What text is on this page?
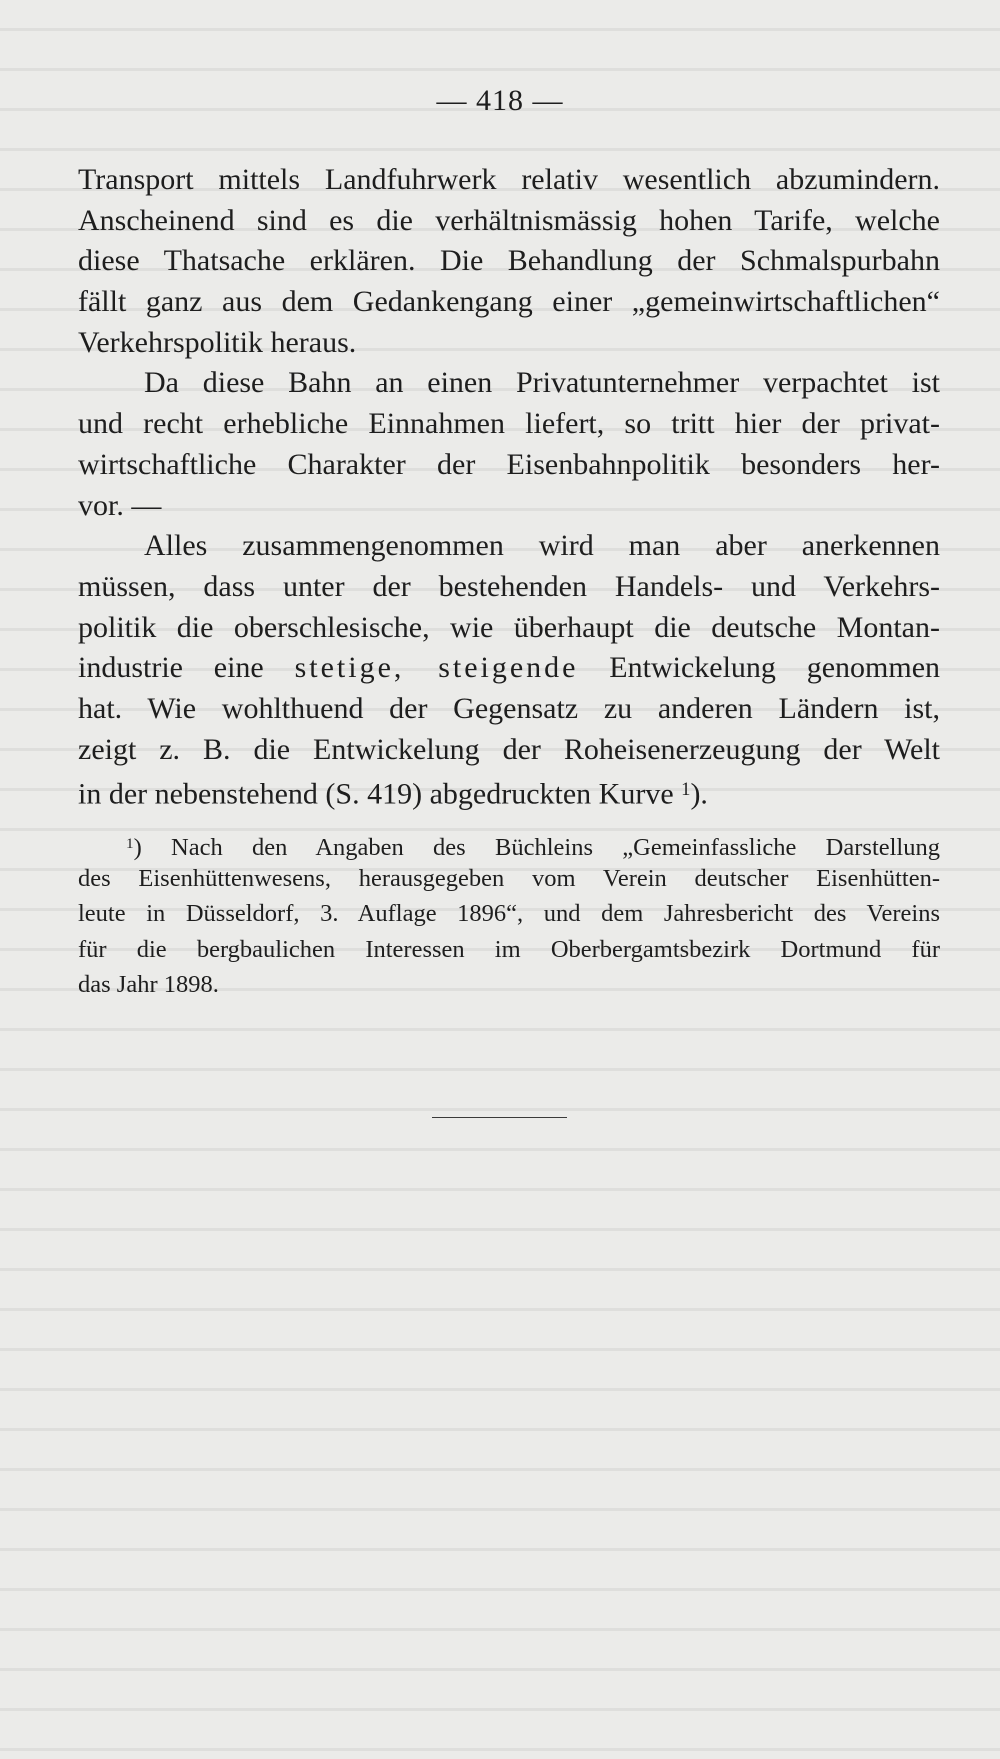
— 418 —
Transport mittels Landfuhrwerk relativ wesentlich abzumindern.
Anscheinend sind es die verhältnismässig hohen Tarife, welche
diese Thatsache erklären. Die Behandlung der Schmalspurbahn
fällt ganz aus dem Gedankengang einer „gemeinwirtschaftlichen“
Verkehrspolitik heraus.
Da diese Bahn an einen Privatunternehmer verpachtet ist
und recht erhebliche Einnahmen liefert, so tritt hier der privat-
wirtschaftliche Charakter der Eisenbahnpolitik besonders her-
vor. —
Alles zusammengenommen wird man aber anerkennen
müssen, dass unter der bestehenden Handels- und Verkehrs-
politik die oberschlesische, wie überhaupt die deutsche Montan-
industrie eine stetige, steigende Entwickelung genommen
hat. Wie wohlthuend der Gegensatz zu anderen Ländern ist,
zeigt z. B. die Entwickelung der Roheisenerzeugung der Welt
in der nebenstehend (S. 419) abgedruckten Kurve $^1$).
$^1$) Nach den Angaben des Büchleins „Gemeinfassliche Darstellung
des Eisenhüttenwesens, herausgegeben vom Verein deutscher Eisenhütten-
leute in Düsseldorf, 3. Auflage 1896“, und dem Jahresbericht des Vereins
für die bergbaulichen Interessen im Oberbergamtsbezirk Dortmund für
das Jahr 1898.
